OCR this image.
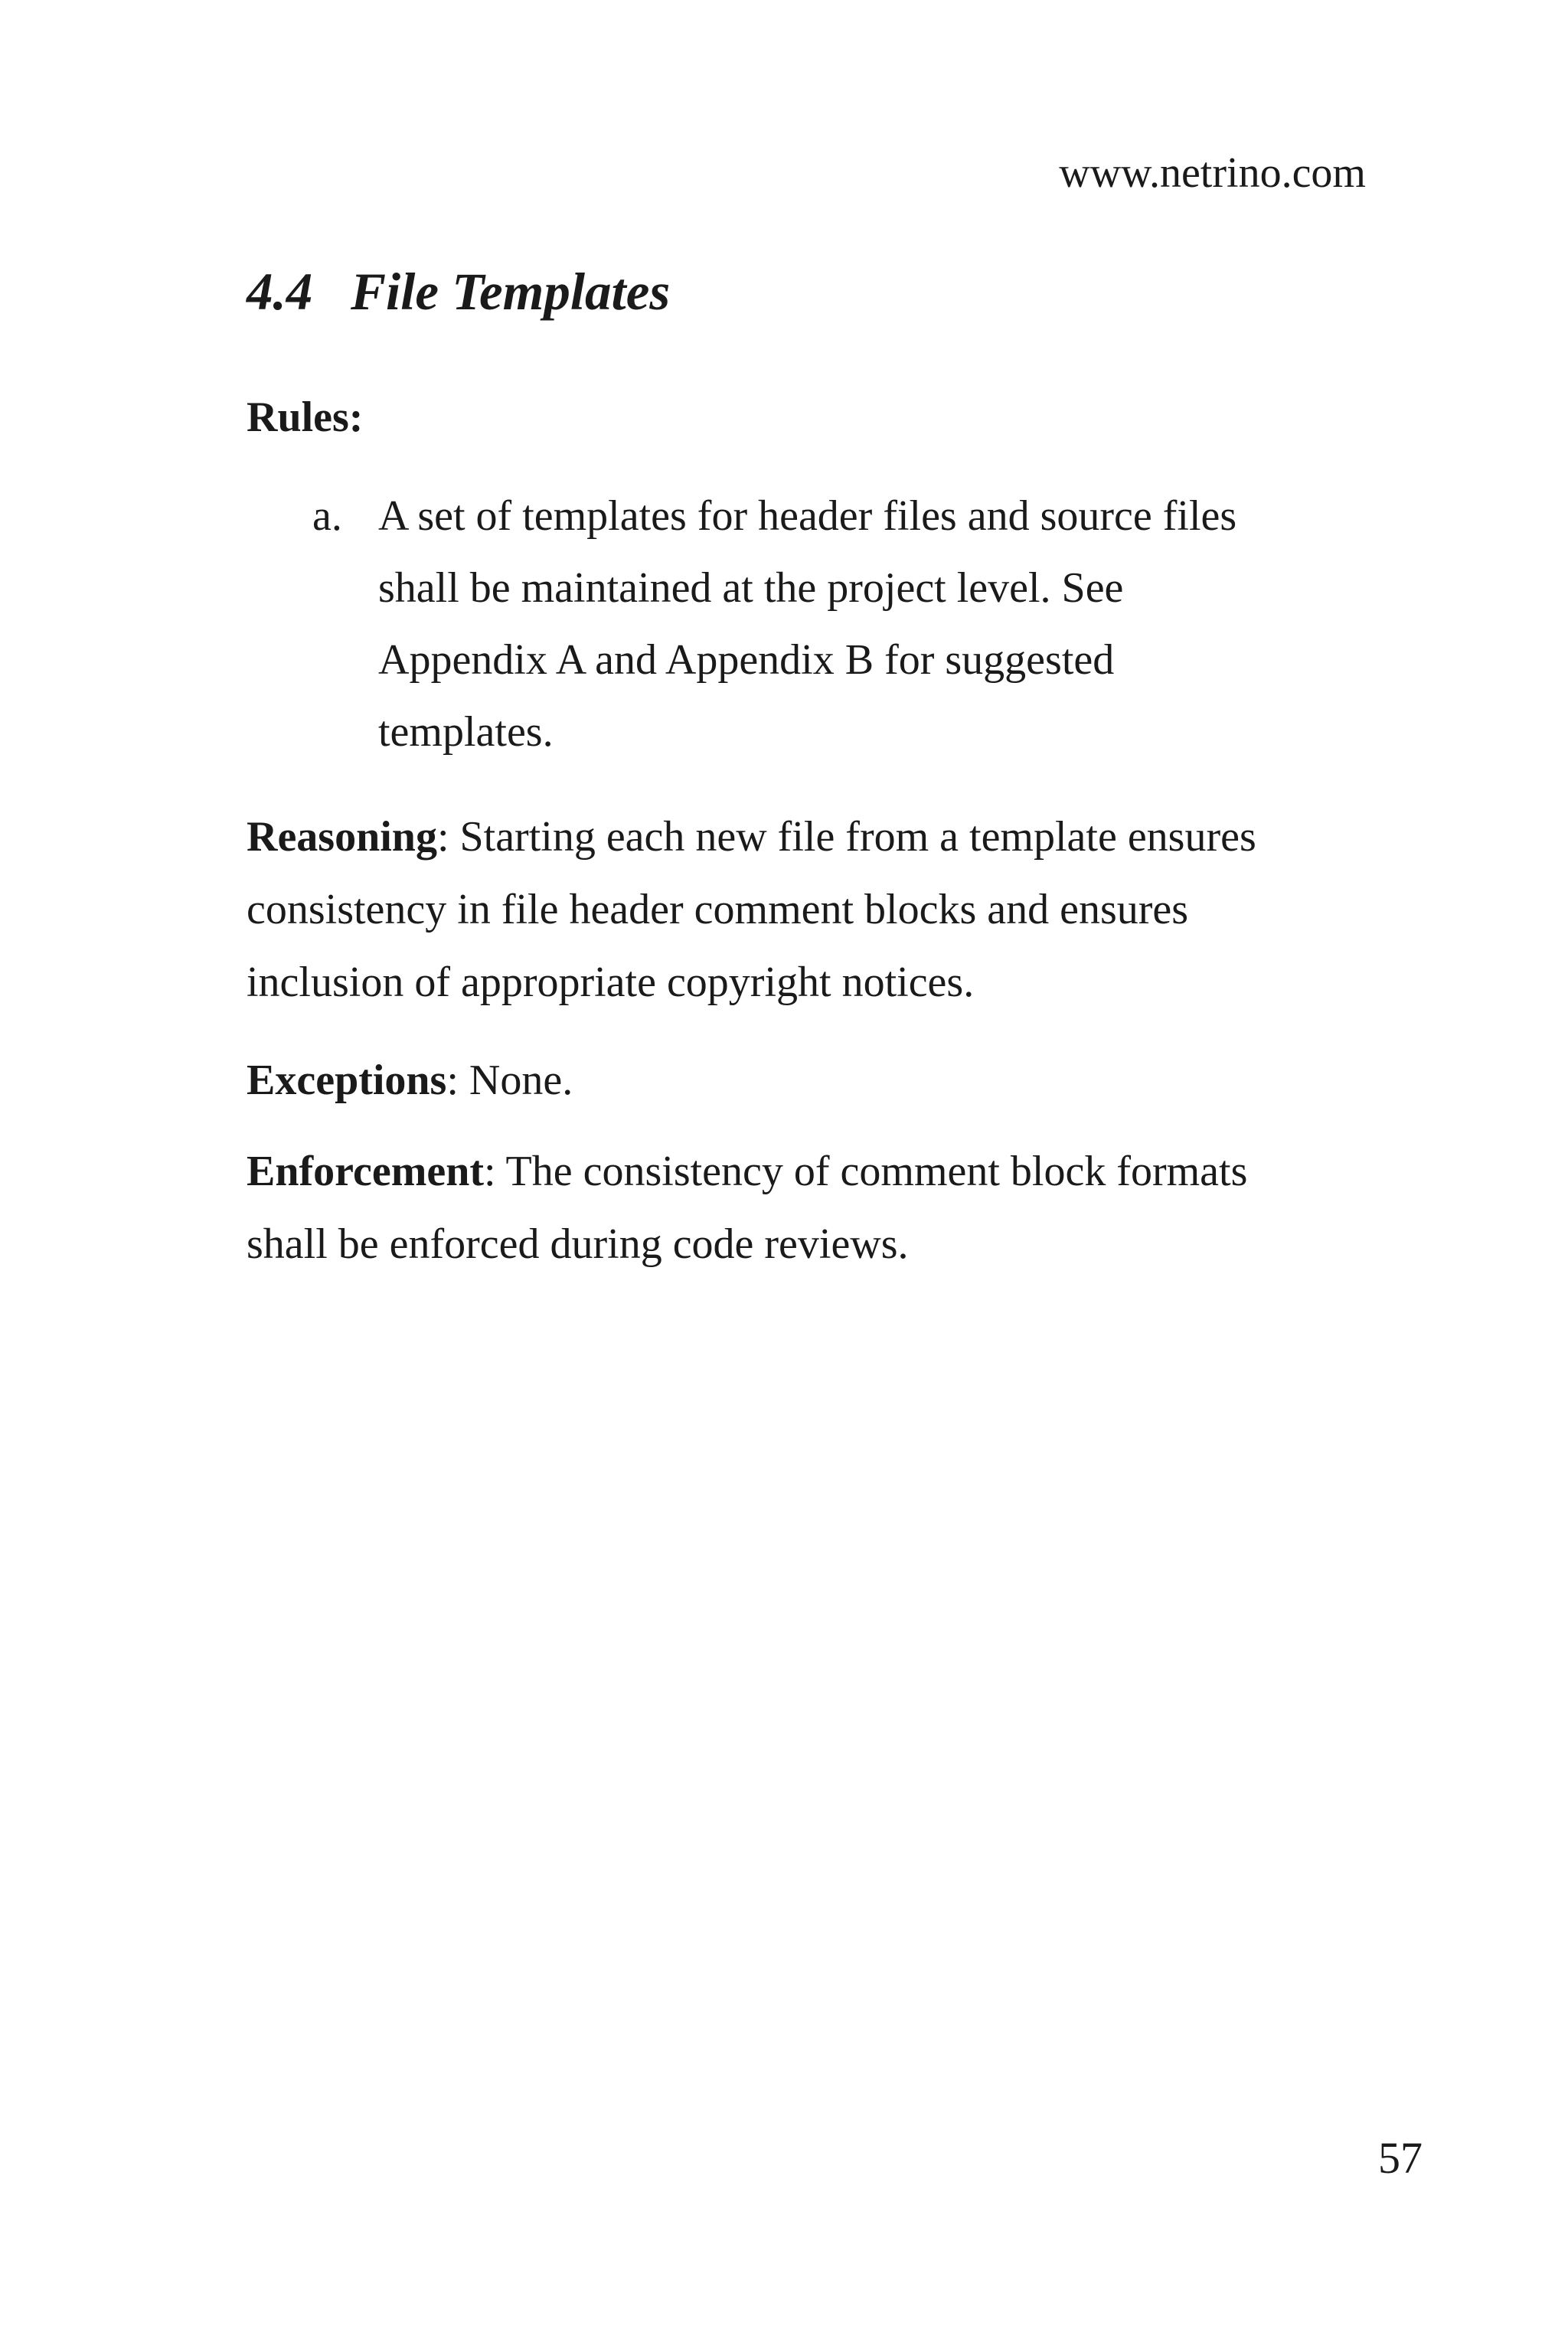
www.netrino.com
4.4 File Templates
Rules:
a. A set of templates for header files and source files
shall be maintained at the project level. See
Appendix A and Appendix B for suggested
templates.
Reasoning: Starting each new file from a template ensures
consistency in file header comment blocks and ensures
inclusion of appropriate copyright notices.
Exceptions: None.
Enforcement: The consistency of comment block formats
shall be enforced during code reviews.
57
